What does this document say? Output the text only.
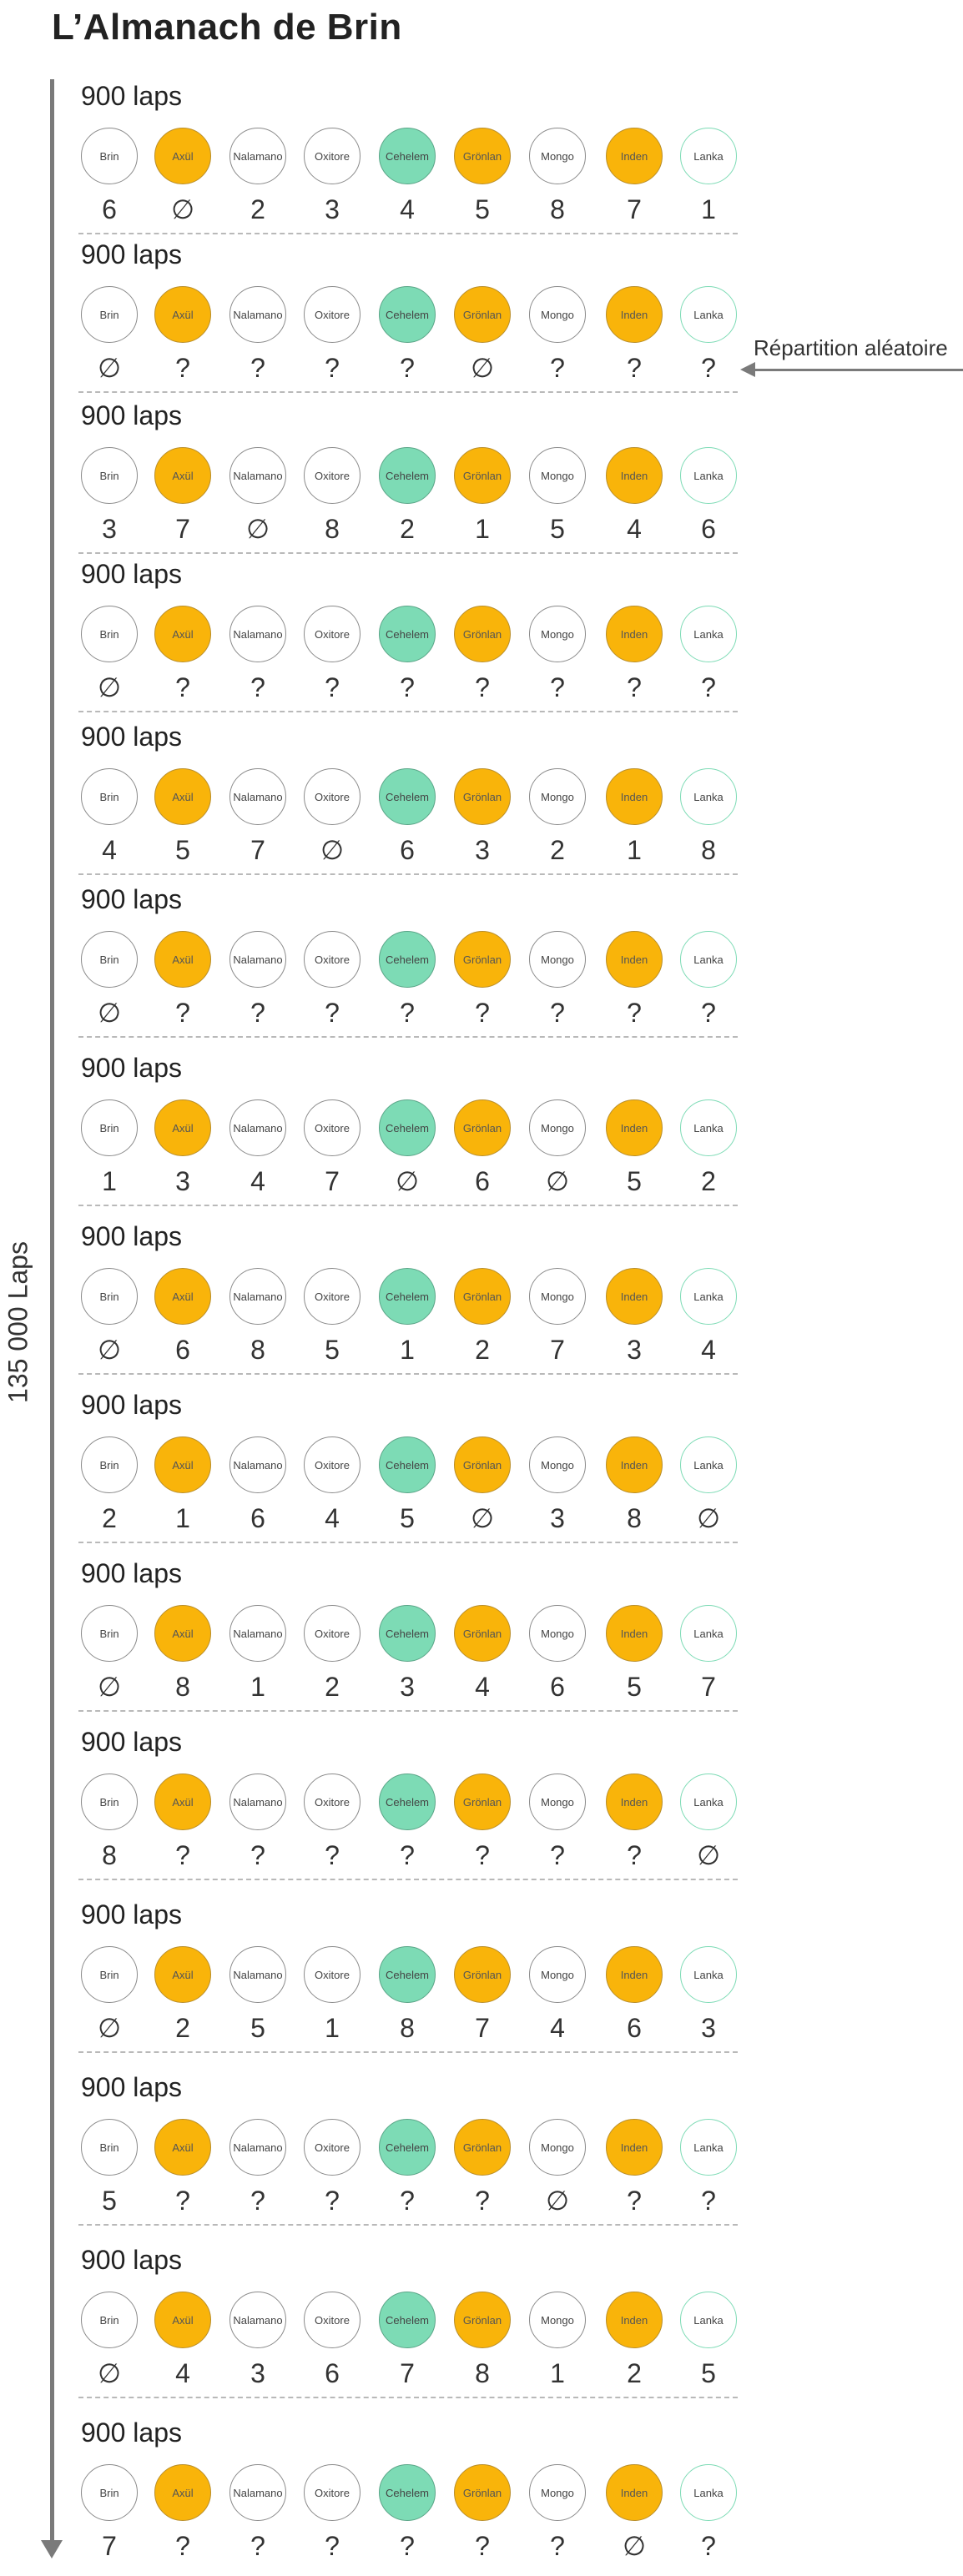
L’Almanach de Brin
135 000 Laps
Répartition aléatoire
900 laps
Brin
6
Axül
∅
Nalamano
2
Oxitore
3
Cehelem
4
Grönlan
5
Mongo
8
Inden
7
Lanka
1
900 laps
Brin
∅
Axül
?
Nalamano
?
Oxitore
?
Cehelem
?
Grönlan
∅
Mongo
?
Inden
?
Lanka
?
900 laps
Brin
3
Axül
7
Nalamano
∅
Oxitore
8
Cehelem
2
Grönlan
1
Mongo
5
Inden
4
Lanka
6
900 laps
Brin
∅
Axül
?
Nalamano
?
Oxitore
?
Cehelem
?
Grönlan
?
Mongo
?
Inden
?
Lanka
?
900 laps
Brin
4
Axül
5
Nalamano
7
Oxitore
∅
Cehelem
6
Grönlan
3
Mongo
2
Inden
1
Lanka
8
900 laps
Brin
∅
Axül
?
Nalamano
?
Oxitore
?
Cehelem
?
Grönlan
?
Mongo
?
Inden
?
Lanka
?
900 laps
Brin
1
Axül
3
Nalamano
4
Oxitore
7
Cehelem
∅
Grönlan
6
Mongo
∅
Inden
5
Lanka
2
900 laps
Brin
∅
Axül
6
Nalamano
8
Oxitore
5
Cehelem
1
Grönlan
2
Mongo
7
Inden
3
Lanka
4
900 laps
Brin
2
Axül
1
Nalamano
6
Oxitore
4
Cehelem
5
Grönlan
∅
Mongo
3
Inden
8
Lanka
∅
900 laps
Brin
∅
Axül
8
Nalamano
1
Oxitore
2
Cehelem
3
Grönlan
4
Mongo
6
Inden
5
Lanka
7
900 laps
Brin
8
Axül
?
Nalamano
?
Oxitore
?
Cehelem
?
Grönlan
?
Mongo
?
Inden
?
Lanka
∅
900 laps
Brin
∅
Axül
2
Nalamano
5
Oxitore
1
Cehelem
8
Grönlan
7
Mongo
4
Inden
6
Lanka
3
900 laps
Brin
5
Axül
?
Nalamano
?
Oxitore
?
Cehelem
?
Grönlan
?
Mongo
∅
Inden
?
Lanka
?
900 laps
Brin
∅
Axül
4
Nalamano
3
Oxitore
6
Cehelem
7
Grönlan
8
Mongo
1
Inden
2
Lanka
5
900 laps
Brin
7
Axül
?
Nalamano
?
Oxitore
?
Cehelem
?
Grönlan
?
Mongo
?
Inden
∅
Lanka
?
